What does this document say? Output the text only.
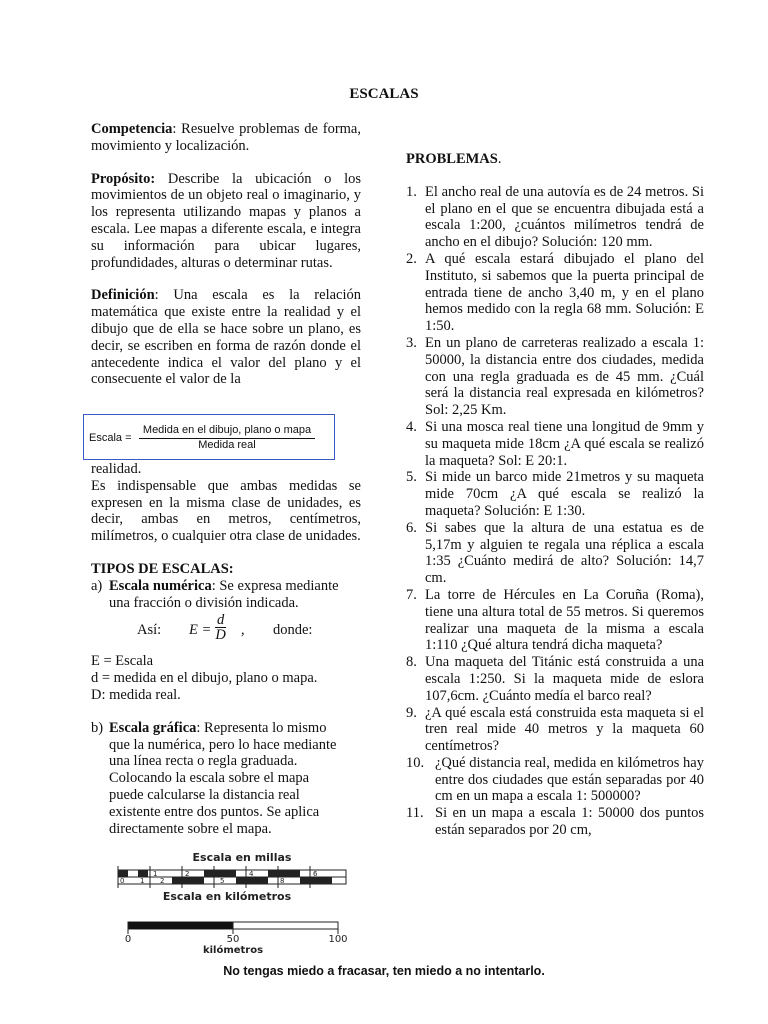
ESCALAS

Competencia: Resuelve problemas de forma, movimiento y localización.

Propósito: Describe la ubicación o los movimientos de un objeto real o imaginario, y los representa utilizando mapas y planos a escala. Lee mapas a diferente escala, e integra su información para ubicar lugares, profundidades, alturas o determinar rutas.

Definición: Una escala es la relación matemática que existe entre la realidad y el dibujo que de ella se hace sobre un plano, es decir, se escriben en forma de razón donde el antecedente indica el valor del plano y el consecuente el valor de la

Escala =
Medida en el dibujo, plano o mapa
Medida real

realidad.

Es indispensable que ambas medidas se expresen en la misma clase de unidades, es decir, ambas en metros, centímetros, milímetros, o cualquier otra clase de unidades.

TIPOS DE ESCALAS:

a) Escala numérica: Se expresa mediante una fracción o división indicada.
Así: $E = \frac{d}{D}$ , donde:
E = Escala
d = medida en el dibujo, plano o mapa.
D: medida real.
b) Escala gráfica: Representa lo mismo que la numérica, pero lo hace mediante una línea recta o regla graduada. Colocando la escala sobre el mapa puede calcularse la distancia real existente entre dos puntos. Se aplica directamente sobre el mapa.
Escala en millas
0	1	2	3	4	5	6
0 1 2 3 4 5 6 7 8 9 10
Escala en kilómetros
0	50	100
kilómetros

PROBLEMAS.

1. El ancho real de una autovía es de 24 metros. Si el plano en el que se encuentra dibujada está a escala 1:200, ¿cuántos milímetros tendrá de ancho en el dibujo? Solución: 120 mm.
2. A qué escala estará dibujado el plano del Instituto, si sabemos que la puerta principal de entrada tiene de ancho 3,40 m, y en el plano hemos medido con la regla 68 mm. Solución: E 1:50.
3. En un plano de carreteras realizado a escala 1: 50000, la distancia entre dos ciudades, medida con una regla graduada es de 45 mm. ¿Cuál será la distancia real expresada en kilómetros? Sol: 2,25 Km.
4. Si una mosca real tiene una longitud de 9mm y su maqueta mide 18cm ¿A qué escala se realizó la maqueta? Sol: E 20:1.
5. Si mide un barco mide 21metros y su maqueta mide 70cm ¿A qué escala se realizó la maqueta? Solución: E 1:30.
6. Si sabes que la altura de una estatua es de 5,17m y alguien te regala una réplica a escala 1:35 ¿Cuánto medirá de alto? Solución: 14,7 cm.
7. La torre de Hércules en La Coruña (Roma), tiene una altura total de 55 metros. Si queremos realizar una maqueta de la misma a escala 1:110 ¿Qué altura tendrá dicha maqueta?
8. Una maqueta del Titánic está construida a una escala 1:250. Si la maqueta mide de eslora 107,6cm. ¿Cuánto medía el barco real?
9. ¿A qué escala está construida esta maqueta si el tren real mide 40 metros y la maqueta 60 centímetros?
10. ¿Qué distancia real, medida en kilómetros hay entre dos ciudades que están separadas por 40 cm en un mapa a escala 1: 500000?
11. Si en un mapa a escala 1: 50000 dos puntos están separados por 20 cm,
No tengas miedo a fracasar, ten miedo a no intentarlo.
